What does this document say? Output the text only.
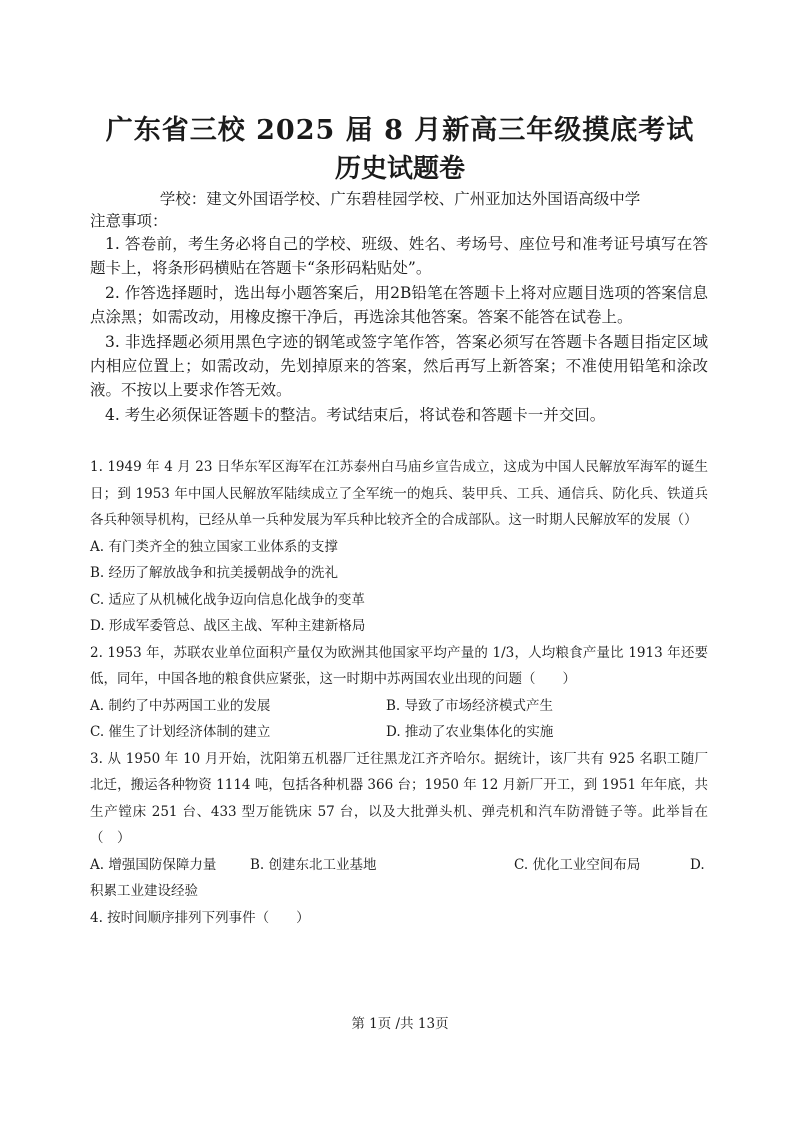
广东省三校 2025 届 8 月新高三年级摸底考试
历史试题卷
学校：建文外国语学校、广东碧桂园学校、广州亚加达外国语高级中学
注意事项：

1. 答卷前，考生务必将自己的学校、班级、姓名、考场号、座位号和准考证号填写在答题卡上，将条形码横贴在答题卡“条形码粘贴处”。

2. 作答选择题时，选出每小题答案后，用2B铅笔在答题卡上将对应题目选项的答案信息点涂黑；如需改动，用橡皮擦干净后，再选涂其他答案。答案不能答在试卷上。

3. 非选择题必须用黑色字迹的钢笔或签字笔作答，答案必须写在答题卡各题目指定区域内相应位置上；如需改动，先划掉原来的答案，然后再写上新答案；不准使用铅笔和涂改液。不按以上要求作答无效。

4. 考生必须保证答题卡的整洁。考试结束后，将试卷和答题卡一并交回。

1. 1949 年 4 月 23 日华东军区海军在江苏泰州白马庙乡宣告成立，这成为中国人民解放军海军的诞生日；到 1953 年中国人民解放军陆续成立了全军统一的炮兵、装甲兵、工兵、通信兵、防化兵、铁道兵各兵种领导机构，已经从单一兵种发展为军兵种比较齐全的合成部队。这一时期人民解放军的发展（）

A. 有门类齐全的独立国家工业体系的支撑
B. 经历了解放战争和抗美援朝战争的洗礼
C. 适应了从机械化战争迈向信息化战争的变革
D. 形成军委管总、战区主战、军种主建新格局

2. 1953 年，苏联农业单位面积产量仅为欧洲其他国家平均产量的 1/3，人均粮食产量比 1913 年还要低，同年，中国各地的粮食供应紧张，这一时期中苏两国农业出现的问题（　　）

A. 制约了中苏两国工业的发展	B. 导致了市场经济模式产生
C. 催生了计划经济体制的建立	D. 推动了农业集体化的实施

3. 从 1950 年 10 月开始，沈阳第五机器厂迁往黑龙江齐齐哈尔。据统计，该厂共有 925 名职工随厂北迁，搬运各种物资 1114 吨，包括各种机器 366 台；1950 年 12 月新厂开工，到 1951 年年底，共生产镗床 251 台、433 型万能铣床 57 台，以及大批弹头机、弹壳机和汽车防滑链子等。此举旨在（　）

A. 增强国防保障力量	B. 创建东北工业基地	C. 优化工业空间布局	D.
积累工业建设经验

4. 按时间顺序排列下列事件（　　）

第 1页 /共 13页
